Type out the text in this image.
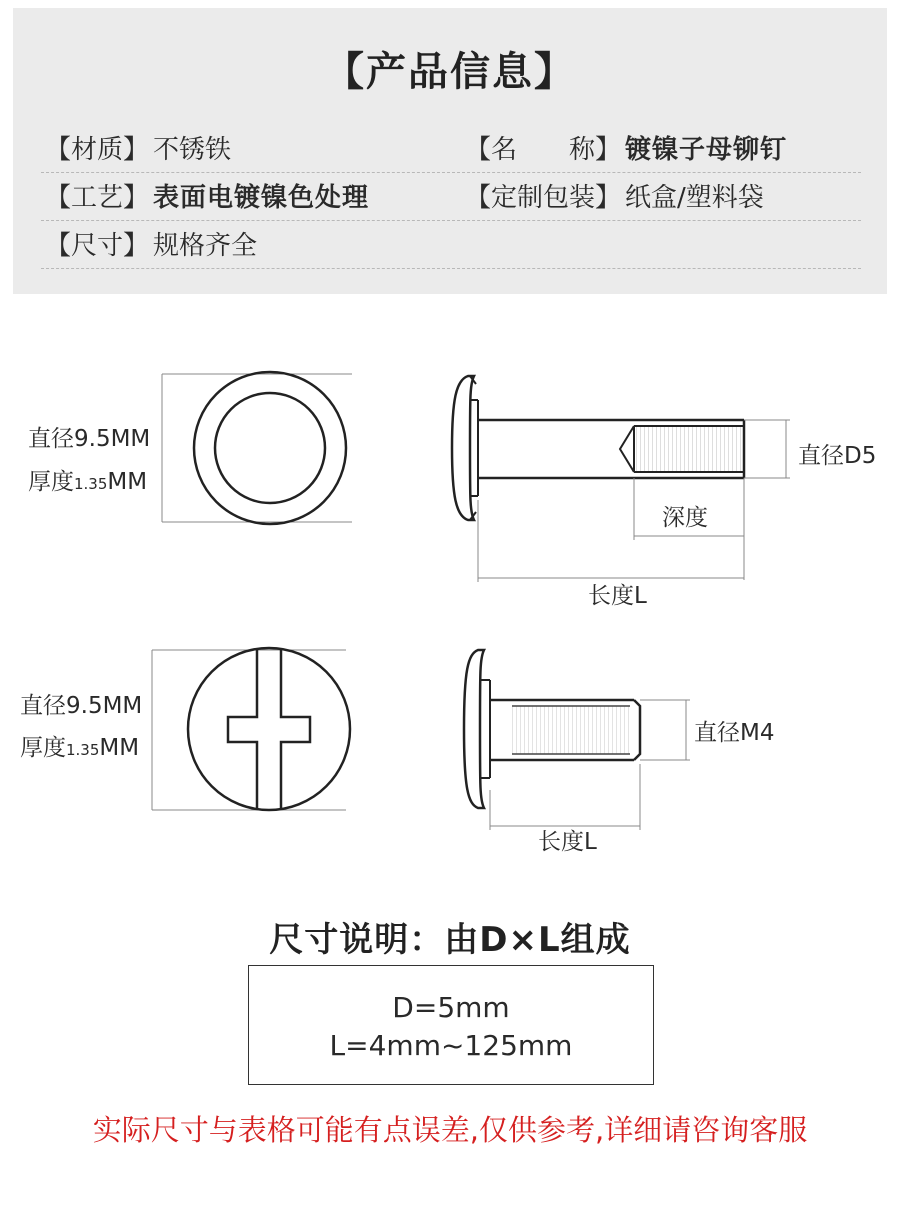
【产品信息】
【材质】 不锈铁	【名　　称】 镀镍子母铆钉
【工艺】 表面电镀镍色处理	【定制包装】 纸盒/塑料袋
【尺寸】 规格齐全
直径9.5MM
厚度1.35MM
直径D5
深度
长度L
直径9.5MM
厚度1.35MM
直径M4
长度L
尺寸说明：由D×L组成
D=5mm
L=4mm~125mm
实际尺寸与表格可能有点误差,仅供参考,详细请咨询客服
